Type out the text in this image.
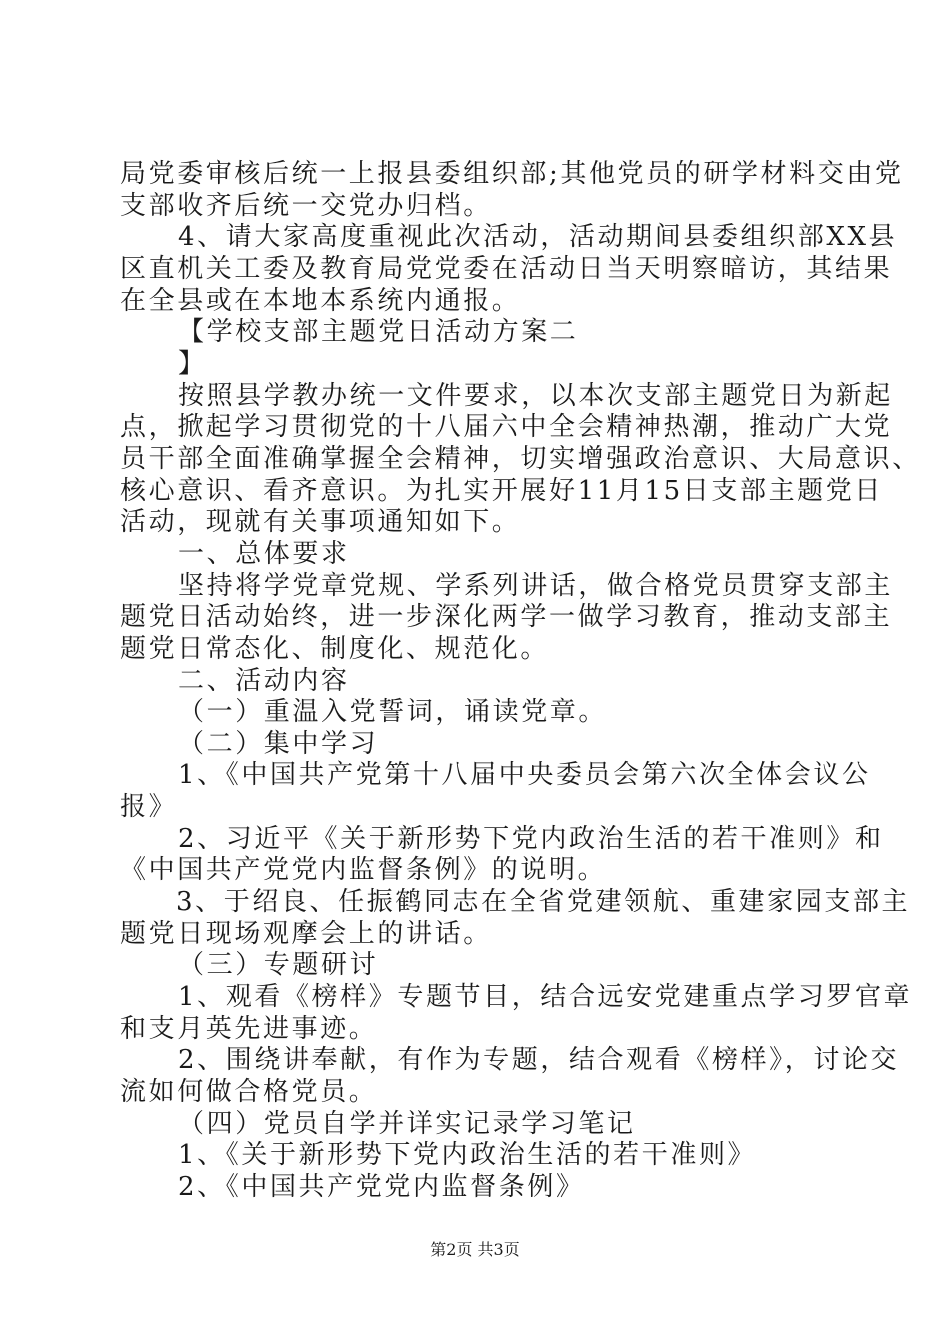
局党委审核后统一上报县委组织部;其他党员的研学材料交由党
支部收齐后统一交党办归档。
4、请大家高度重视此次活动，活动期间县委组织部XX县
区直机关工委及教育局党党委在活动日当天明察暗访，其结果
在全县或在本地本系统内通报。
【学校支部主题党日活动方案二
】
按照县学教办统一文件要求，以本次支部主题党日为新起
点，掀起学习贯彻党的十八届六中全会精神热潮，推动广大党
员干部全面准确掌握全会精神，切实增强政治意识、大局意识、
核心意识、看齐意识。为扎实开展好11月15日支部主题党日
活动，现就有关事项通知如下。
一、总体要求
坚持将学党章党规、学系列讲话，做合格党员贯穿支部主
题党日活动始终，进一步深化两学一做学习教育，推动支部主
题党日常态化、制度化、规范化。
二、活动内容
（一）重温入党誓词，诵读党章。
（二）集中学习
1、《中国共产党第十八届中央委员会第六次全体会议公
报》
2、习近平《关于新形势下党内政治生活的若干准则》和
《中国共产党党内监督条例》的说明。
3、于绍良、任振鹤同志在全省党建领航、重建家园支部主
题党日现场观摩会上的讲话。
（三）专题研讨
1、观看《榜样》专题节目，结合远安党建重点学习罗官章
和支月英先进事迹。
2、围绕讲奉献，有作为专题，结合观看《榜样》，讨论交
流如何做合格党员。
（四）党员自学并详实记录学习笔记
1、《关于新形势下党内政治生活的若干准则》
2、《中国共产党党内监督条例》
第2页 共3页
